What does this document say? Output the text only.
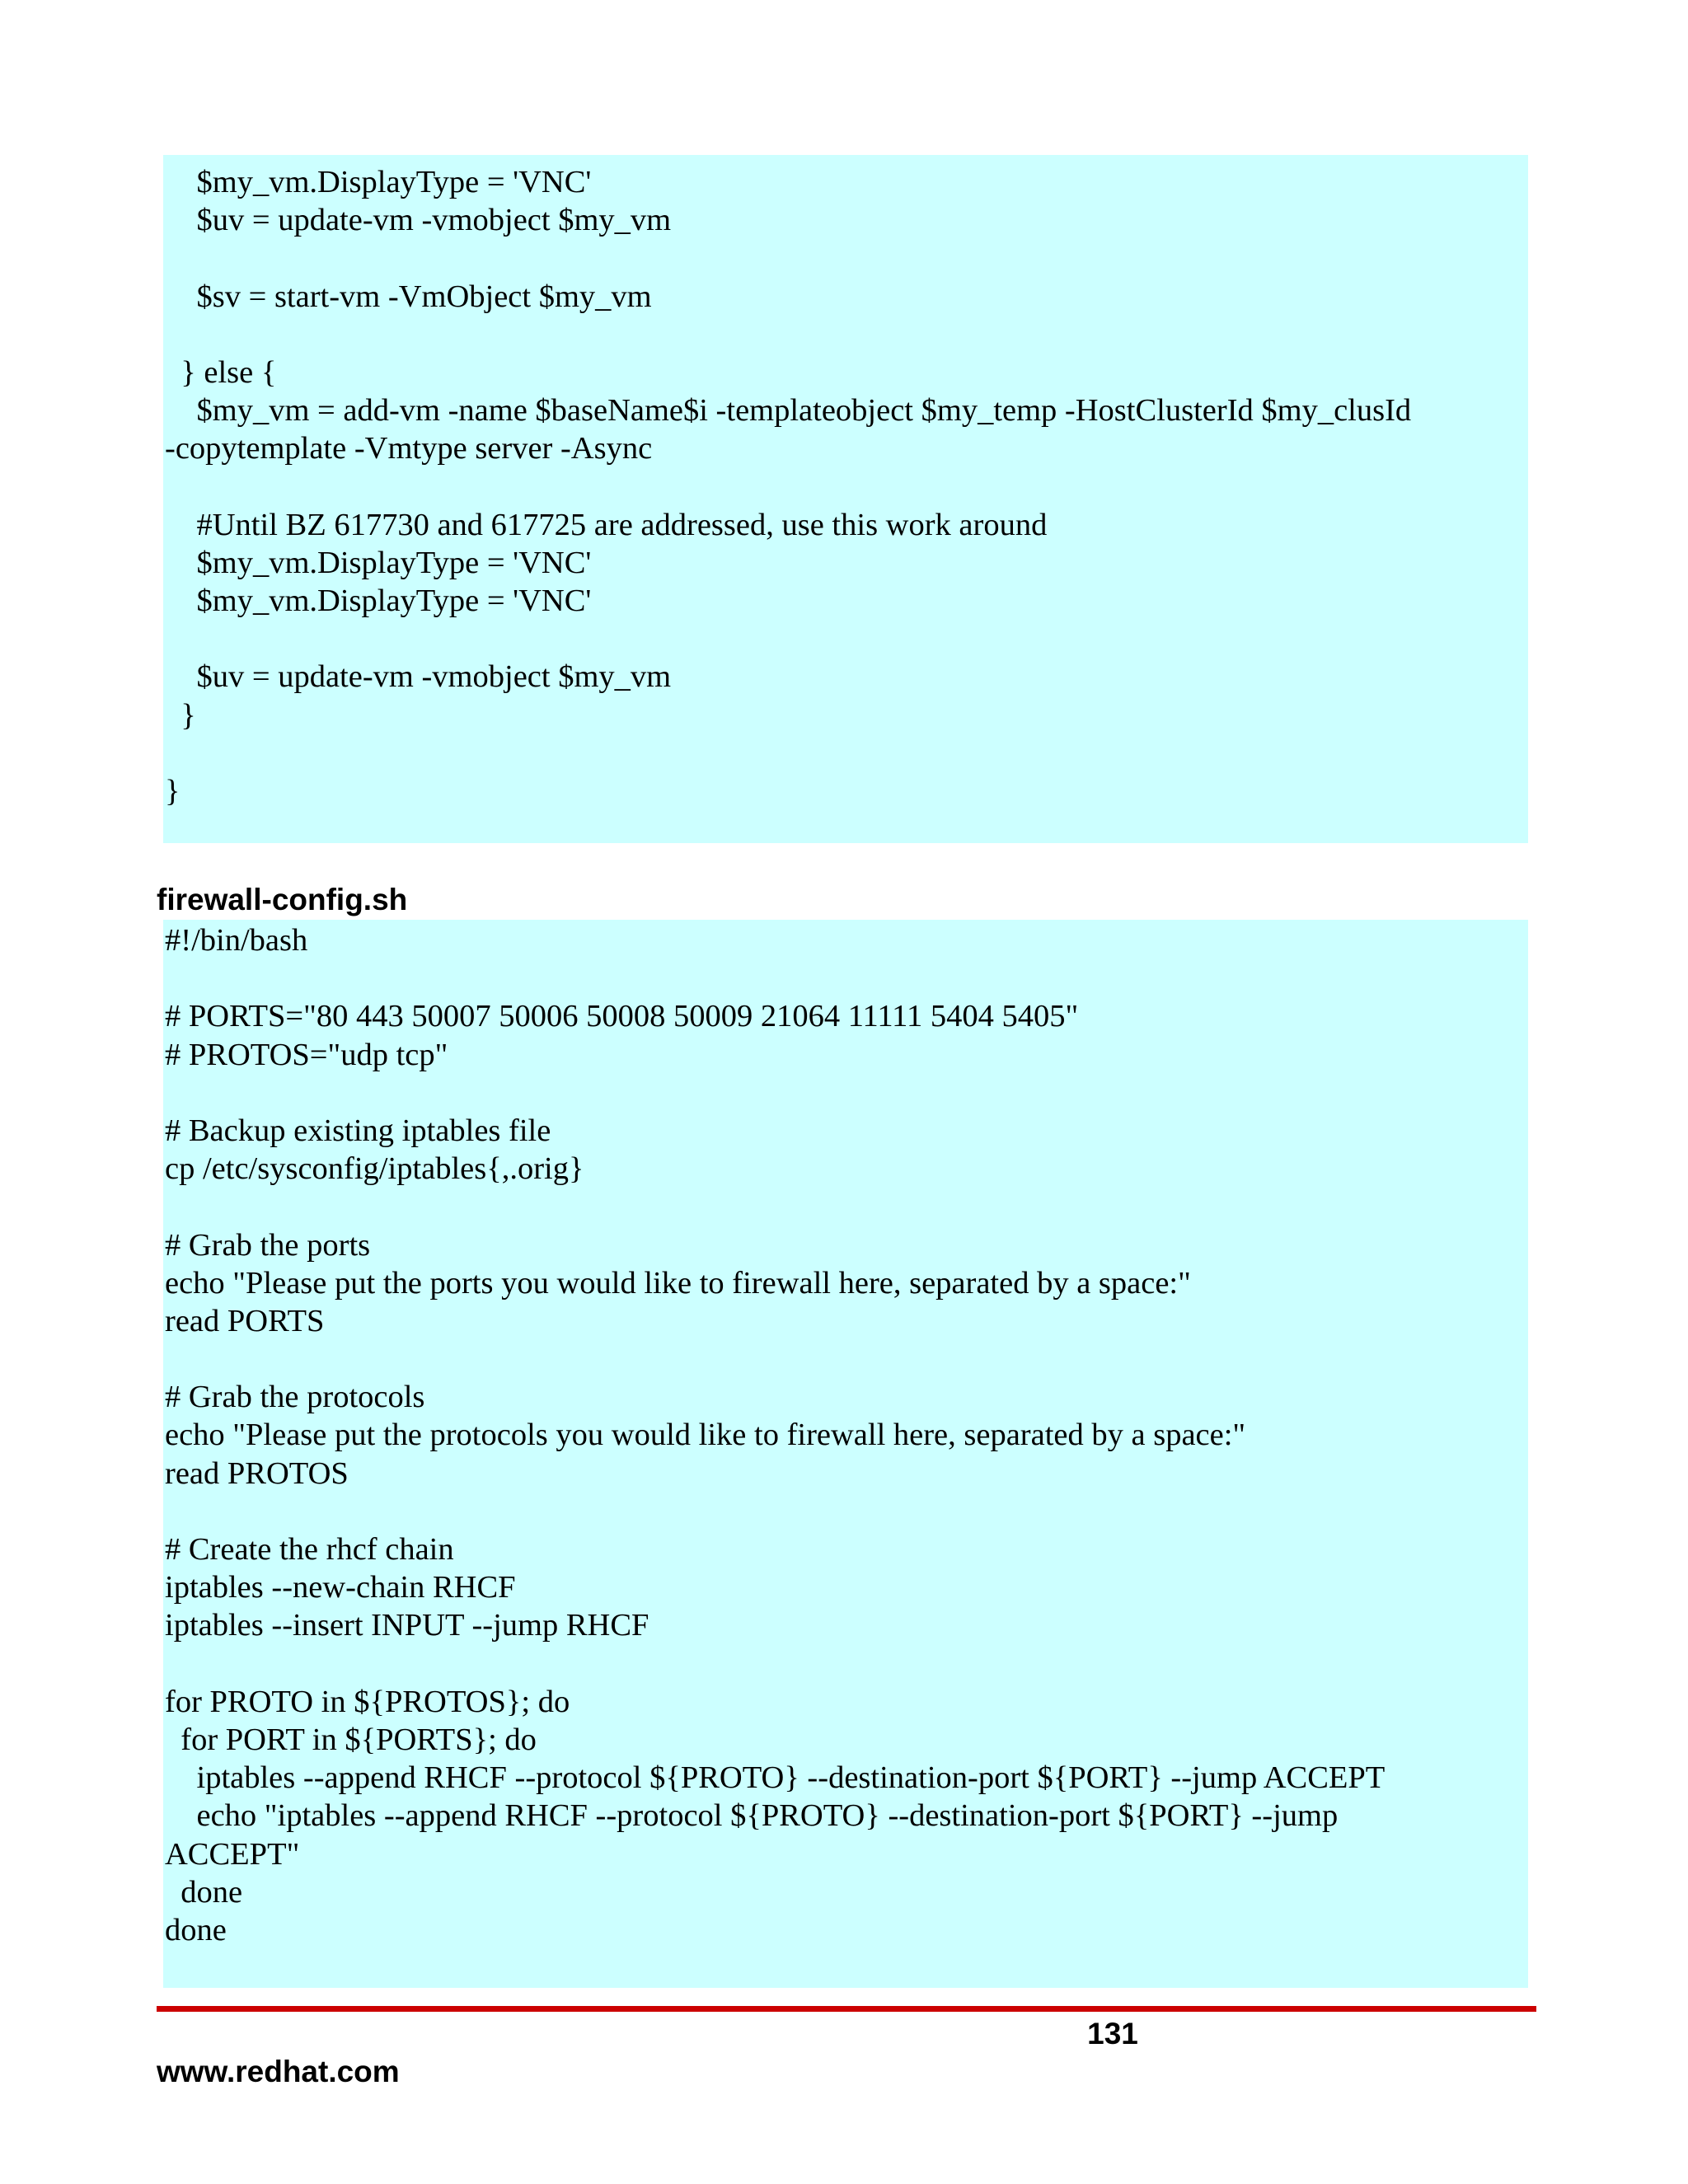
$my_vm.DisplayType = 'VNC'
$uv = update-vm -vmobject $my_vm
$sv = start-vm -VmObject $my_vm
} else {
$my_vm = add-vm -name $baseName$i -templateobject $my_temp -HostClusterId $my_clusId
-copytemplate -Vmtype server -Async
#Until BZ 617730 and 617725 are addressed, use this work around
$my_vm.DisplayType = 'VNC'
$my_vm.DisplayType = 'VNC'
$uv = update-vm -vmobject $my_vm
}
}
firewall-config.sh
#!/bin/bash
# PORTS="80 443 50007 50006 50008 50009 21064 11111 5404 5405"
# PROTOS="udp tcp"
# Backup existing iptables file
cp /etc/sysconfig/iptables{,.orig}
# Grab the ports
echo "Please put the ports you would like to firewall here, separated by a space:"
read PORTS
# Grab the protocols
echo "Please put the protocols you would like to firewall here, separated by a space:"
read PROTOS
# Create the rhcf chain
iptables --new-chain RHCF
iptables --insert INPUT --jump RHCF
for PROTO in ${PROTOS}; do
for PORT in ${PORTS}; do
iptables --append RHCF --protocol ${PROTO} --destination-port ${PORT} --jump ACCEPT
echo "iptables --append RHCF --protocol ${PROTO} --destination-port ${PORT} --jump
ACCEPT"
done
done
131
www.redhat.com
